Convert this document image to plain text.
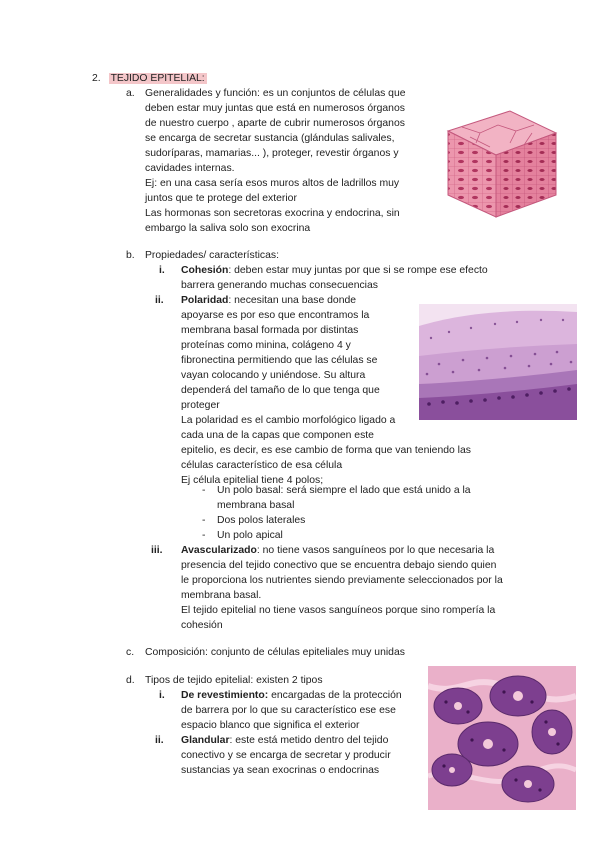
2. TEJIDO EPITELIAL:
a. Generalidades y función: es un conjuntos de células que
deben estar muy juntas que está en numerosos órganos
de nuestro cuerpo , aparte de cubrir numerosos órganos
se encarga de secretar sustancia (glándulas salivales,
sudoríparas, mamarias... ), proteger, revestir órganos y
cavidades internas.
Ej: en una casa sería esos muros altos de ladrillos muy
juntos que te protege del exterior
Las hormonas son secretoras exocrina y endocrina, sin
embargo la saliva solo son exocrina
b. Propiedades/ características:
i. Cohesión: deben estar muy juntas por que si se rompe ese efecto
barrera generando muchas consecuencias
ii. Polaridad: necesitan una base donde
apoyarse es por eso que encontramos la
membrana basal formada por distintas
proteínas como minina, colágeno 4 y
fibronectina permitiendo que las células se
vayan colocando y uniéndose. Su altura
dependerá del tamaño de lo que tenga que
proteger
La polaridad es el cambio morfológico ligado a
cada una de la capas que componen este
epitelio, es decir, es ese cambio de forma que van teniendo las
células característico de esa célula
Ej célula epitelial tiene 4 polos;
- Un polo basal: será siempre el lado que está unido a la
membrana basal
- Dos polos laterales
- Un polo apical
iii. Avascularizado: no tiene vasos sanguíneos por lo que necesaria la
presencia del tejido conectivo que se encuentra debajo siendo quien
le proporciona los nutrientes siendo previamente seleccionados por la
membrana basal.
El tejido epitelial no tiene vasos sanguíneos porque sino rompería la
cohesión
c. Composición: conjunto de células epiteliales muy unidas
d. Tipos de tejido epitelial: existen 2 tipos
i. De revestimiento: encargadas de la protección
de barrera por lo que su característico ese ese
espacio blanco que significa el exterior
ii. Glandular: este está metido dentro del tejido
conectivo y se encarga de secretar y producir
sustancias ya sean exocrinas o endocrinas
